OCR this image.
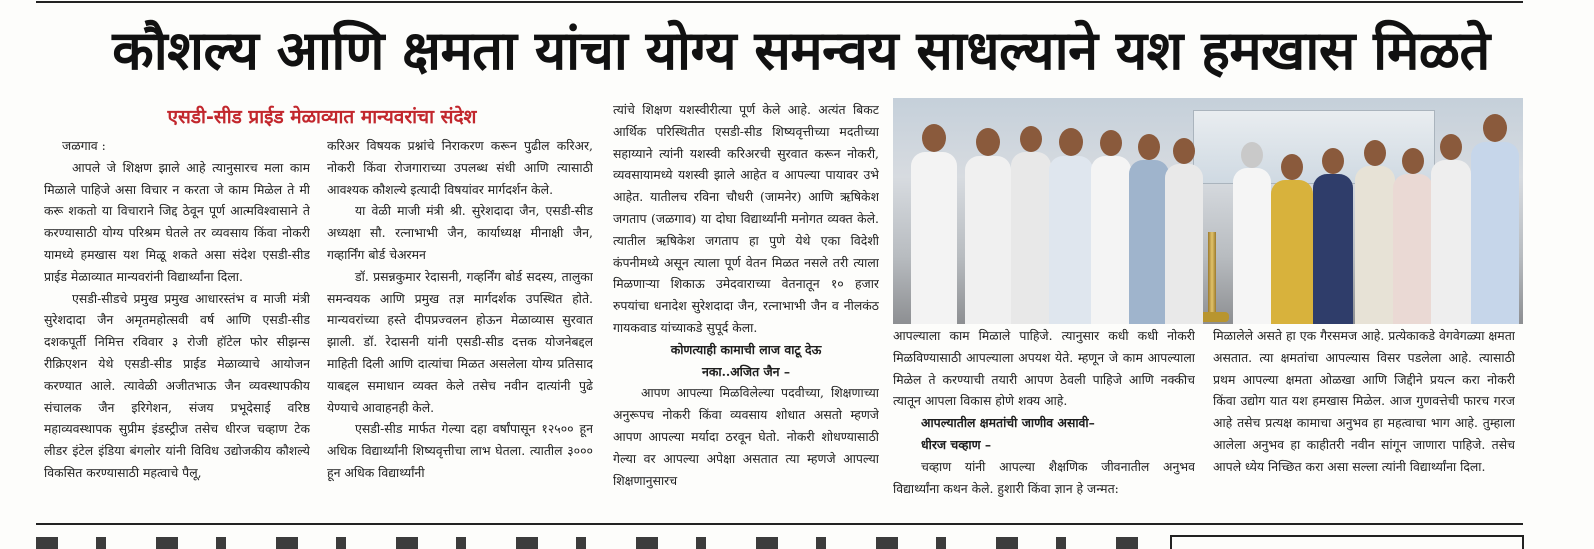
कौशल्य आणि क्षमता यांचा योग्य समन्वय साधल्याने यश हमखास मिळते
एसडी-सीड प्राईड मेळाव्यात मान्यवरांचा संदेश

जळगाव :

आपले जे शिक्षण झाले आहे त्यानुसारच मला काम मिळाले पाहिजे असा विचार न करता जे काम मिळेल ते मी करू शकतो या विचाराने जिद्द ठेवून पूर्ण आत्मविश्वासाने ते करण्यासाठी योग्य परिश्रम घेतले तर व्यवसाय किंवा नोकरी यामध्ये हमखास यश मिळू शकते असा संदेश एसडी-सीड प्राईड मेळाव्यात मान्यवरांनी विद्यार्थ्यांना दिला.

एसडी-सीडचे प्रमुख प्रमुख आधारस्तंभ व माजी मंत्री सुरेशदादा जैन अमृतमहोत्सवी वर्ष आणि एसडी-सीड दशकपूर्ती निमित्त रविवार ३ रोजी हॉटेल फोर सीझन्स रीक्रिएशन येथे एसडी-सीड प्राईड मेळाव्याचे आयोजन करण्यात आले. त्यावेळी अजीतभाऊ जैन व्यवस्थापकीय संचालक जैन इरिगेशन, संजय प्रभूदेसाई वरिष्ठ महाव्यवस्थापक सुप्रीम इंडस्ट्रीज तसेच धीरज चव्हाण टेक लीडर इंटेल इंडिया बंगलोर यांनी विविध उद्योजकीय कौशल्ये विकसित करण्यासाठी महत्वाचे पैलू,

करिअर विषयक प्रश्नांचे निराकरण करून पुढील करिअर, नोकरी किंवा रोजगाराच्या उपलब्ध संधी आणि त्यासाठी आवश्यक कौशल्ये इत्यादी विषयांवर मार्गदर्शन केले.

या वेळी माजी मंत्री श्री. सुरेशदादा जैन, एसडी-सीड अध्यक्षा सौ. रत्नाभाभी जैन, कार्याध्यक्ष मीनाक्षी जैन, गव्हार्निंग बोर्ड चेअरमन

डॉ. प्रसन्नकुमार रेदासनी, गव्हर्निंग बोर्ड सदस्य, तालुका समन्वयक आणि प्रमुख तज्ञ मार्गदर्शक उपस्थित होते. मान्यवरांच्या हस्ते दीपप्रज्वलन होऊन मेळाव्यास सुरवात झाली. डॉ. रेदासनी यांनी एसडी-सीड दत्तक योजनेबद्दल माहिती दिली आणि दात्यांचा मिळत असलेला योग्य प्रतिसाद याबद्दल समाधान व्यक्त केले तसेच नवीन दात्यांनी पुढे येण्याचे आवाहनही केले.

एसडी-सीड मार्फत गेल्या दहा वर्षांपासून १२५०० हून अधिक विद्यार्थ्यांनी शिष्यवृत्तीचा लाभ घेतला. त्यातील ३००० हून अधिक विद्यार्थ्यांनी

त्यांचे शिक्षण यशस्वीरीत्या पूर्ण केले आहे. अत्यंत बिकट आर्थिक परिस्थितीत एसडी-सीड शिष्यवृत्तीच्या मदतीच्या सहाय्याने त्यांनी यशस्वी करिअरची सुरवात करून नोकरी, व्यवसायामध्ये यशस्वी झाले आहेत व आपल्या पायावर उभे आहेत. यातीलच रविना चौधरी (जामनेर) आणि ऋषिकेश जगताप (जळगाव) या दोघा विद्यार्थ्यांनी मनोगत व्यक्त केले. त्यातील ऋषिकेश जगताप हा पुणे येथे एका विदेशी कंपनीमध्ये असून त्याला पूर्ण वेतन मिळत नसले तरी त्याला मिळणाऱ्या शिकाऊ उमेदवाराच्या वेतनातून १० हजार रुपयांचा धनादेश सुरेशदादा जैन, रत्नाभाभी जैन व नीलकंठ गायकवाड यांच्याकडे सुपूर्द केला.

कोणत्याही कामाची लाज वाटू देऊ

नका..अजित जैन –

आपण आपल्या मिळविलेल्या पदवीच्या, शिक्षणाच्या अनुरूपच नोकरी किंवा व्यवसाय शोधात असतो म्हणजे आपण आपल्या मर्यादा ठरवून घेतो. नोकरी शोधण्यासाठी गेल्या वर आपल्या अपेक्षा असतात त्या म्हणजे आपल्या शिक्षणानुसारच

आपल्याला काम मिळाले पाहिजे. त्यानुसार कधी कधी नोकरी मिळविण्यासाठी आपल्याला अपयश येते. म्हणून जे काम आपल्याला मिळेल ते करण्याची तयारी आपण ठेवली पाहिजे आणि नक्कीच त्यातून आपला विकास होणे शक्य आहे.

आपल्यातील क्षमतांची जाणीव असावी–

धीरज चव्हाण –

चव्हाण यांनी आपल्या शैक्षणिक जीवनातील अनुभव विद्यार्थ्यांना कथन केले. हुशारी किंवा ज्ञान हे जन्मत:

मिळालेले असते हा एक गैरसमज आहे. प्रत्येकाकडे वेगवेगळ्या क्षमता असतात. त्या क्षमतांचा आपल्यास विसर पडलेला आहे. त्यासाठी प्रथम आपल्या क्षमता ओळखा आणि जिद्दीने प्रयत्न करा नोकरी किंवा उद्योग यात यश हमखास मिळेल. आज गुणवत्तेची फारच गरज आहे तसेच प्रत्यक्ष कामाचा अनुभव हा महत्वाचा भाग आहे. तुम्हाला आलेला अनुभव हा काहीतरी नवीन सांगून जाणारा पाहिजे. तसेच आपले ध्येय निच्छित करा असा सल्ला त्यांनी विद्यार्थ्यांना दिला.
